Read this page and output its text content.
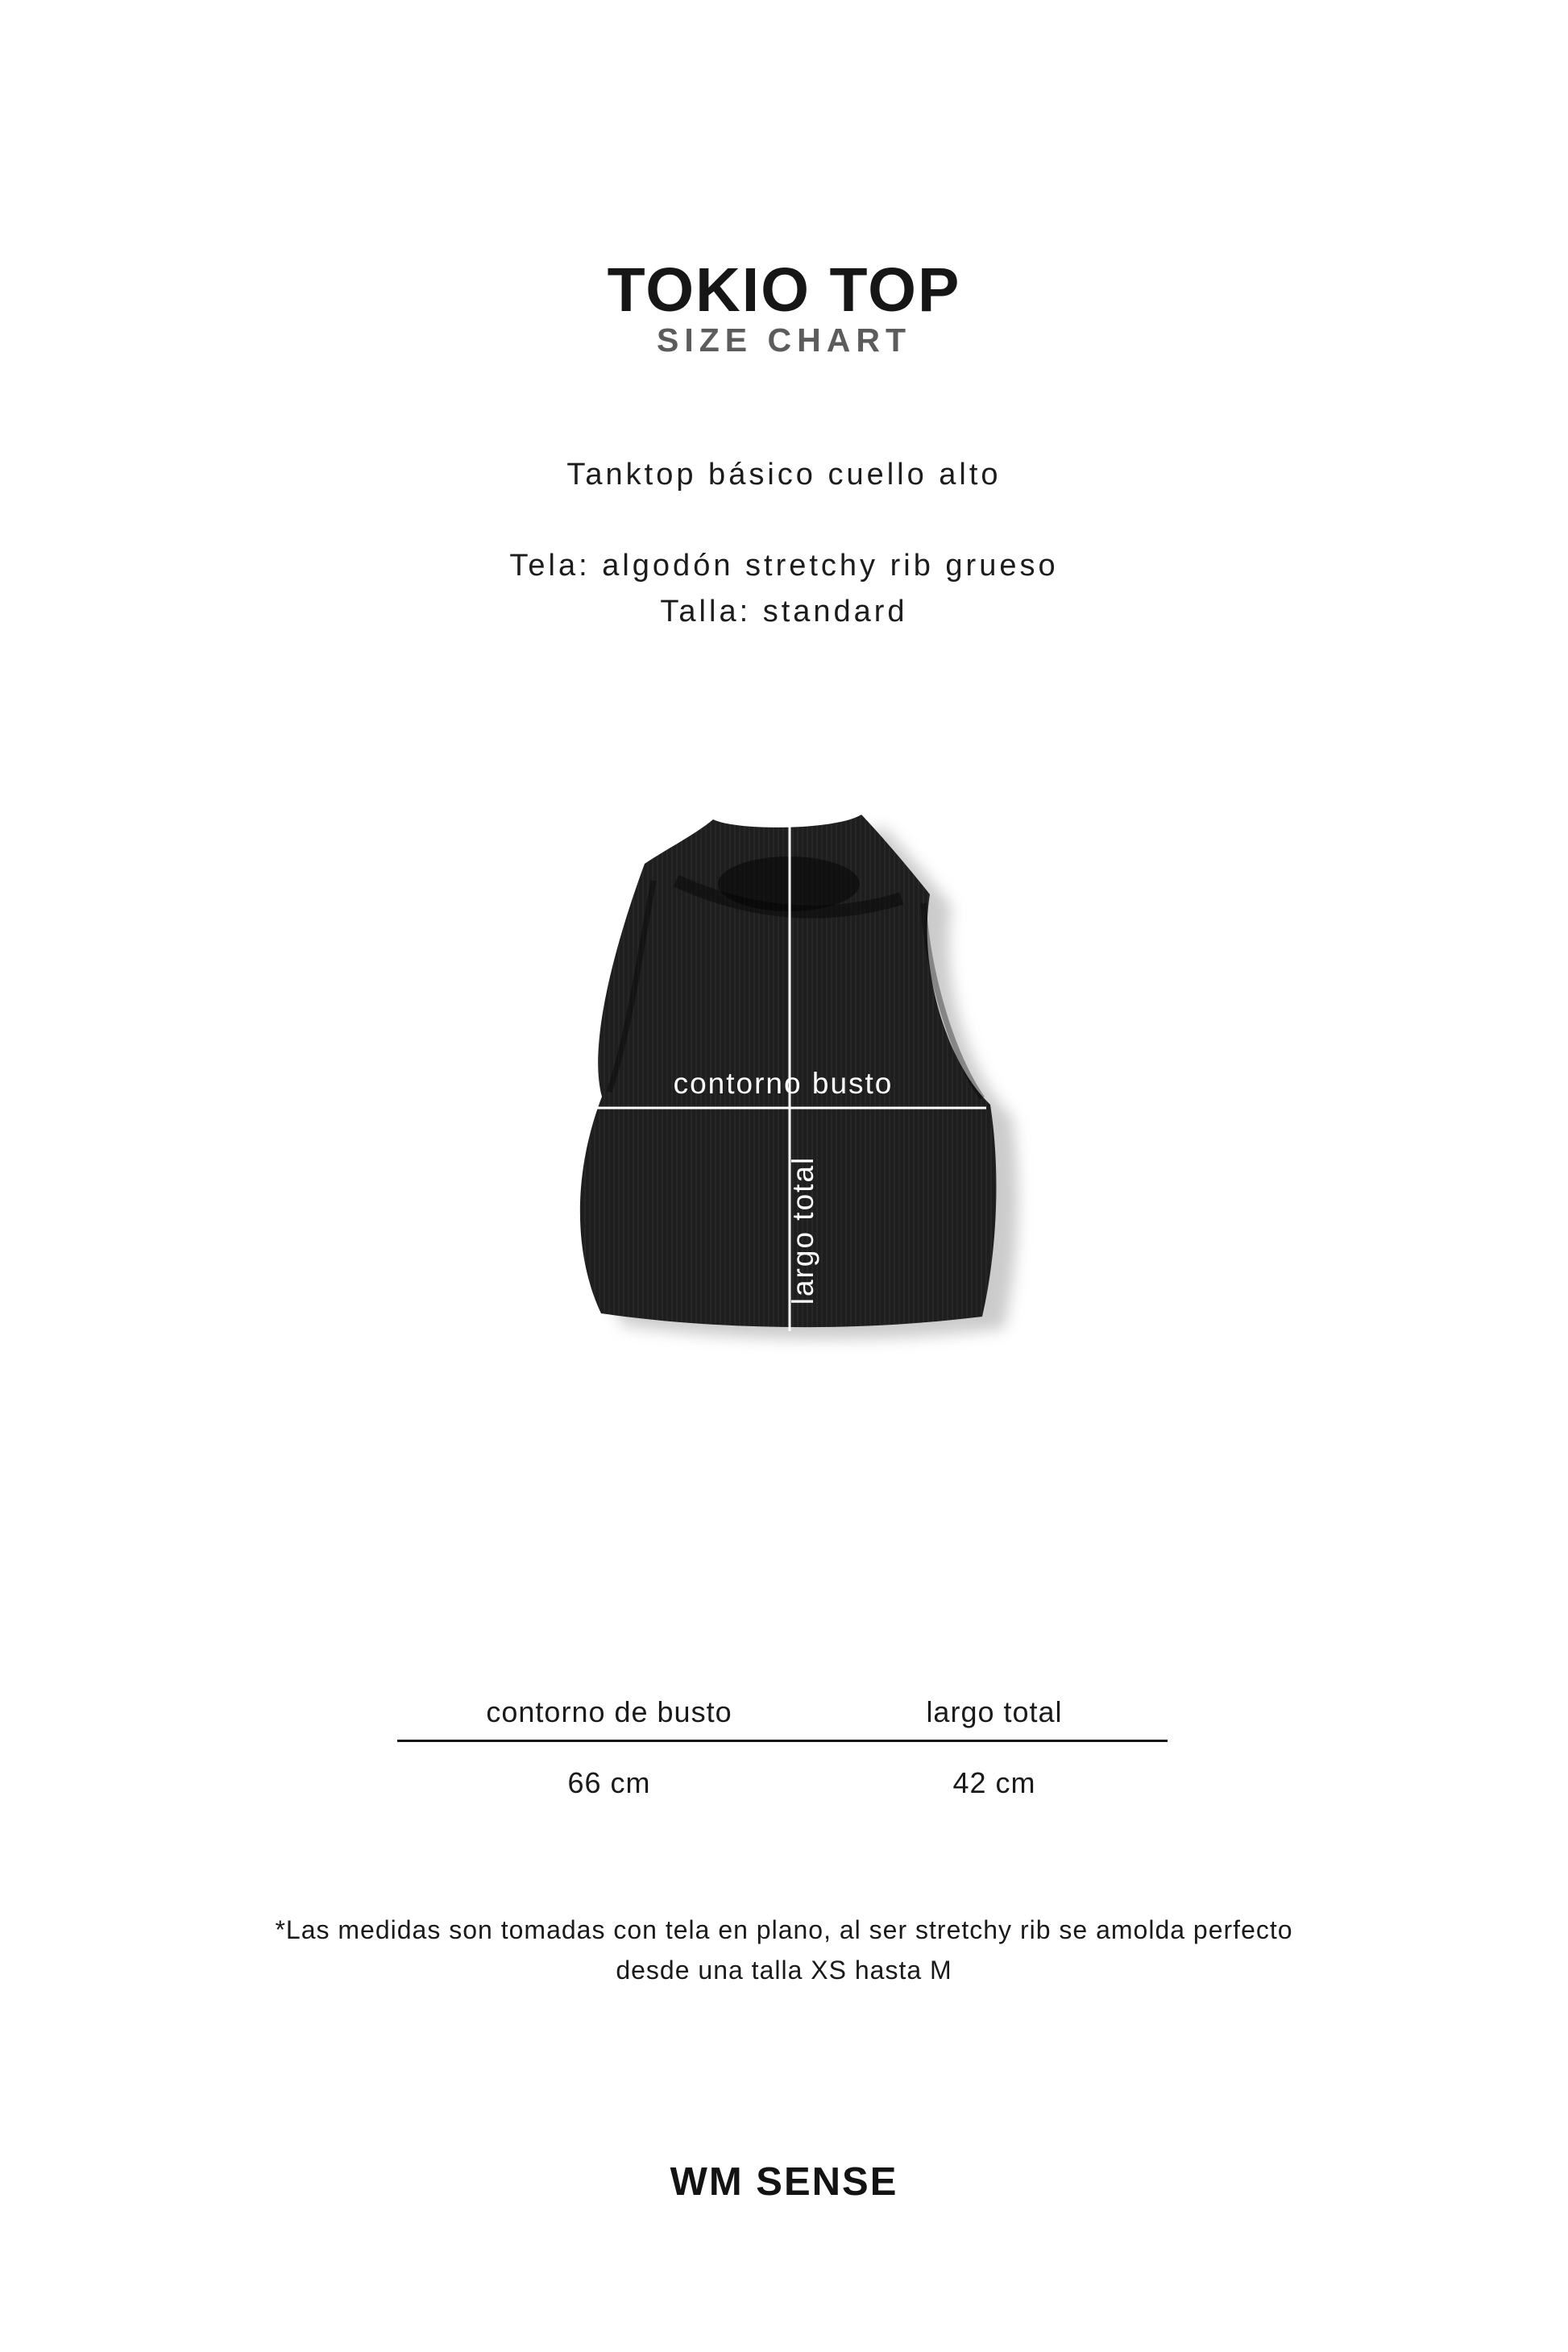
TOKIO TOP
SIZE CHART
Tanktop básico cuello alto
Tela: algodón stretchy rib grueso
Talla: standard
contorno busto
largo total
contorno de busto	largo total
66 cm	42 cm
*Las medidas son tomadas con tela en plano, al ser stretchy rib se amolda perfecto
desde una talla XS hasta M
WM SENSE
